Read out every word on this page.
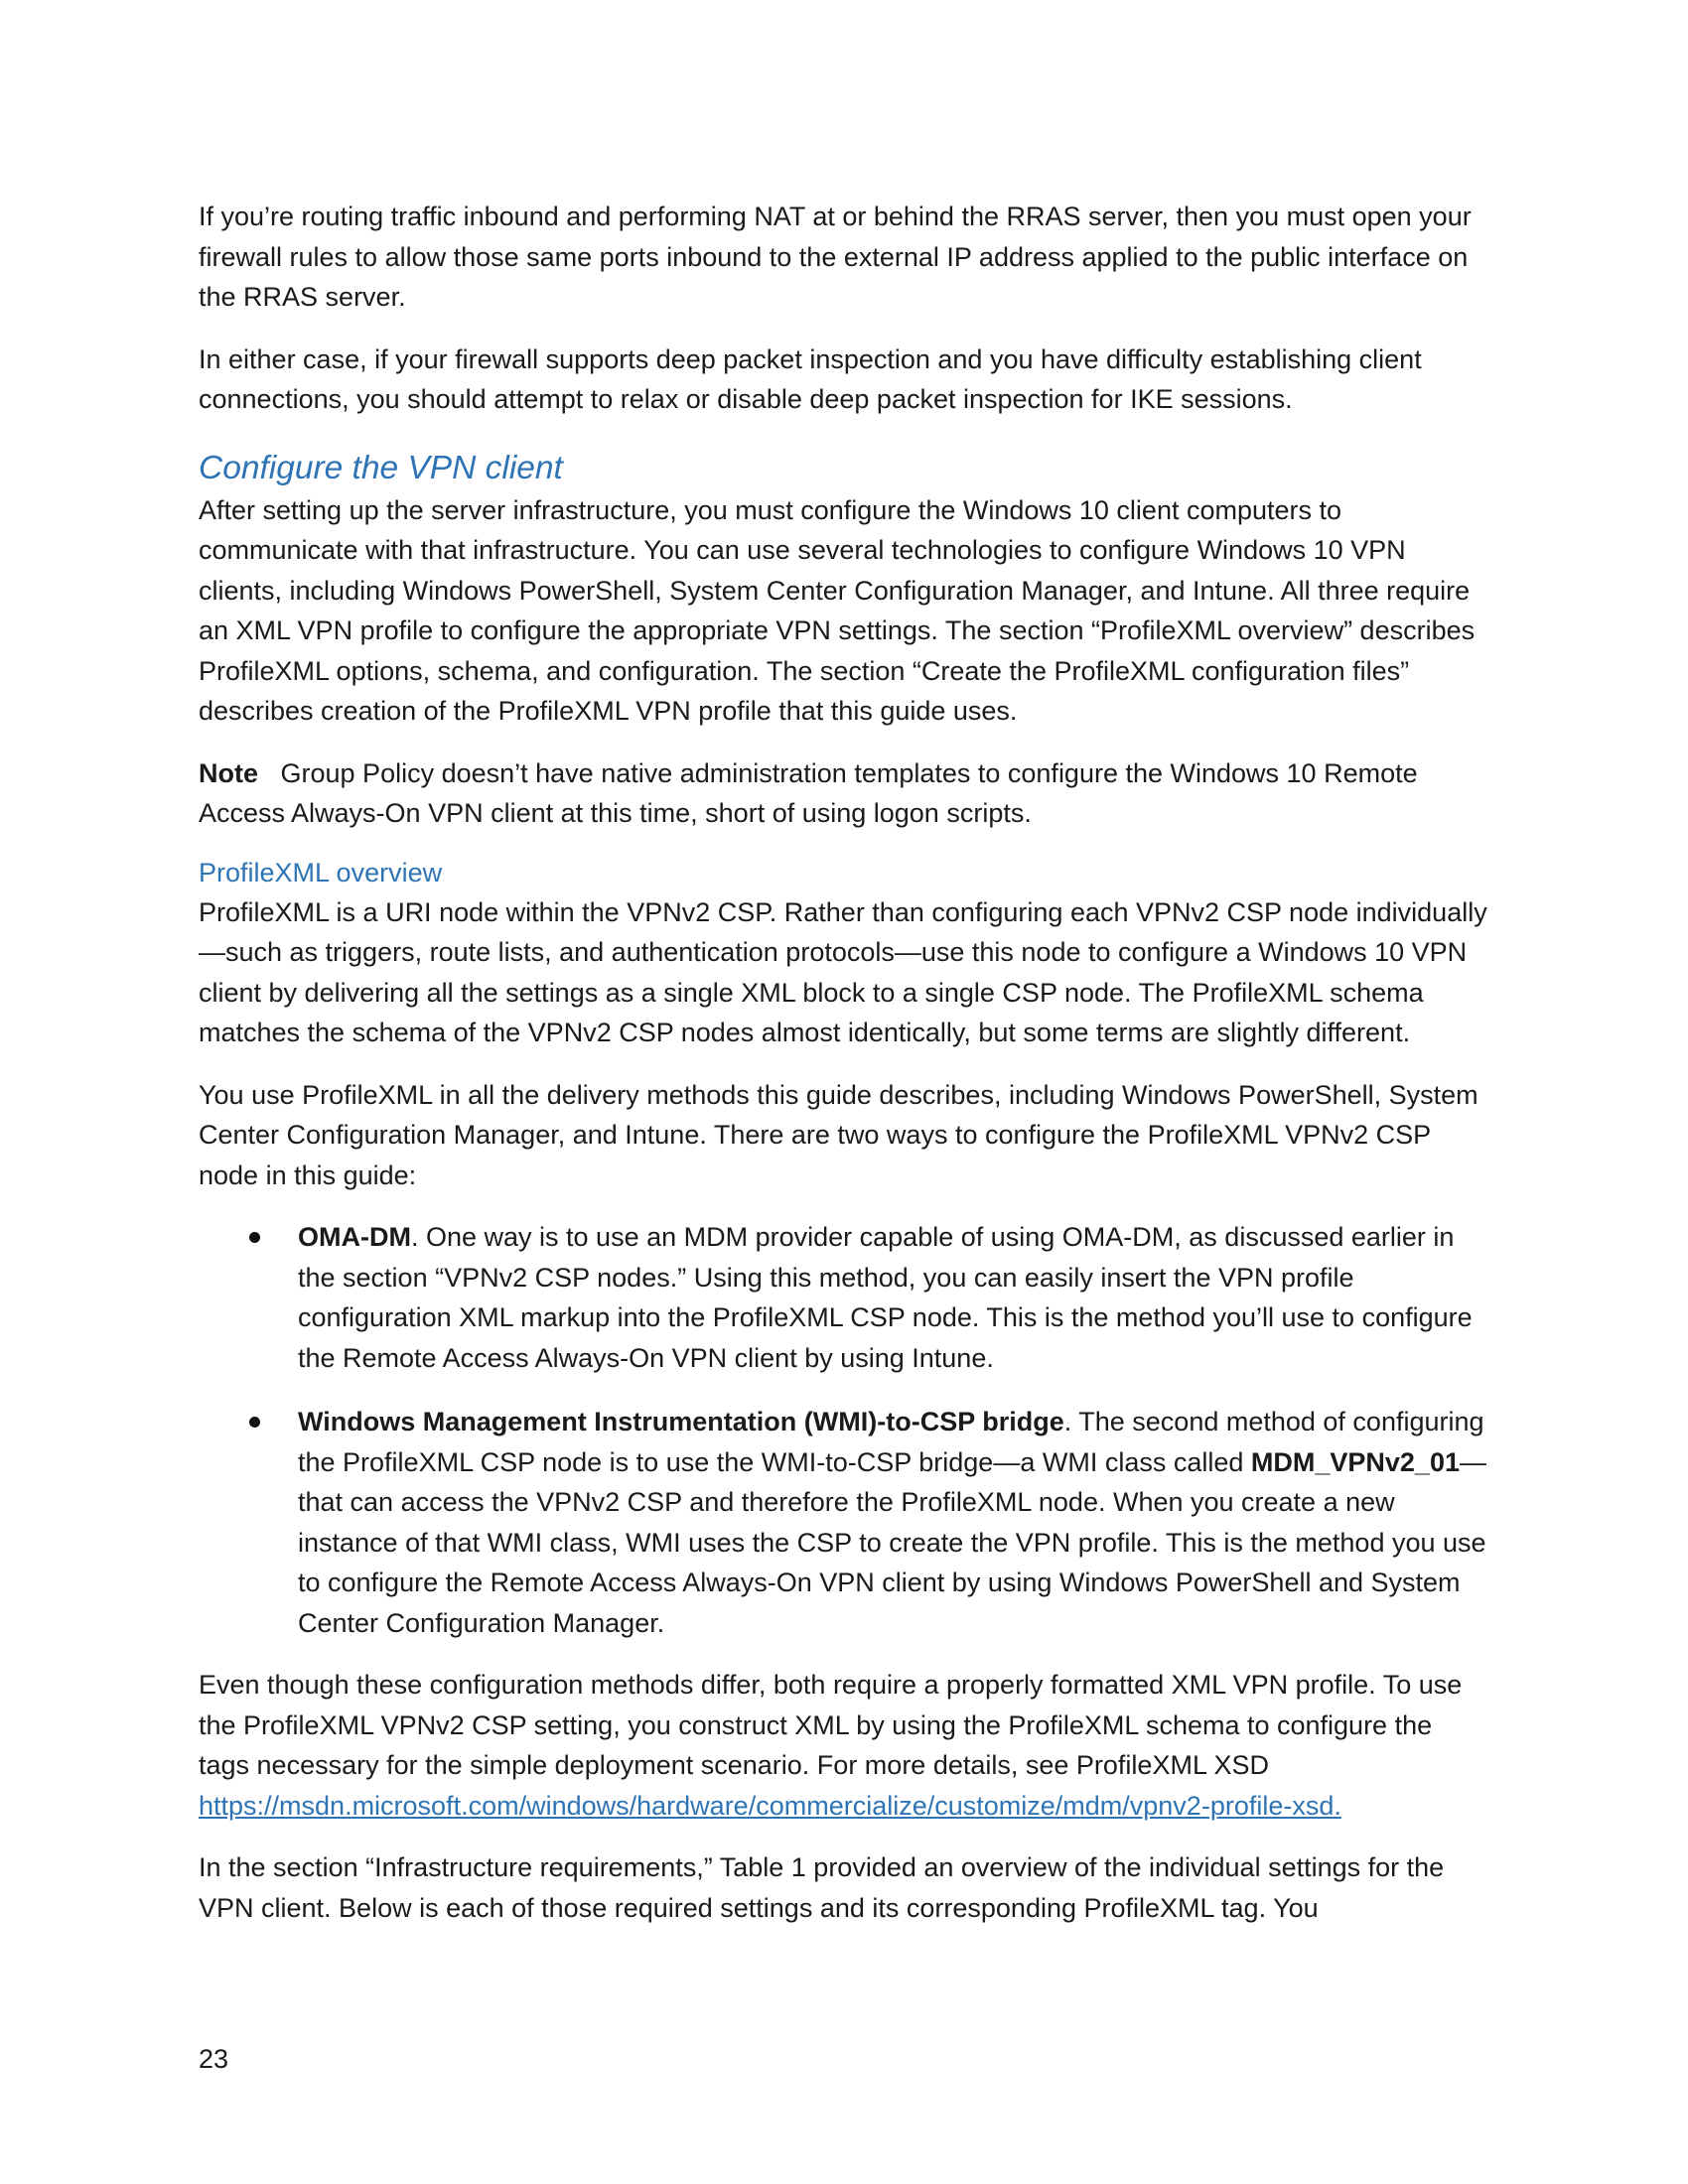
If you’re routing traffic inbound and performing NAT at or behind the RRAS server, then you must open your firewall rules to allow those same ports inbound to the external IP address applied to the public interface on the RRAS server.

In either case, if your firewall supports deep packet inspection and you have difficulty establishing client connections, you should attempt to relax or disable deep packet inspection for IKE sessions.

Configure the VPN client

After setting up the server infrastructure, you must configure the Windows 10 client computers to communicate with that infrastructure. You can use several technologies to configure Windows 10 VPN clients, including Windows PowerShell, System Center Configuration Manager, and Intune. All three require an XML VPN profile to configure the appropriate VPN settings. The section “ProfileXML overview” describes ProfileXML options, schema, and configuration. The section “Create the ProfileXML configuration files” describes creation of the ProfileXML VPN profile that this guide uses.

Note Group Policy doesn’t have native administration templates to configure the Windows 10 Remote Access Always-On VPN client at this time, short of using logon scripts.

ProfileXML overview

ProfileXML is a URI node within the VPNv2 CSP. Rather than configuring each VPNv2 CSP node individually—such as triggers, route lists, and authentication protocols—use this node to configure a Windows 10 VPN client by delivering all the settings as a single XML block to a single CSP node. The ProfileXML schema matches the schema of the VPNv2 CSP nodes almost identically, but some terms are slightly different.

You use ProfileXML in all the delivery methods this guide describes, including Windows PowerShell, System Center Configuration Manager, and Intune. There are two ways to configure the ProfileXML VPNv2 CSP node in this guide:

OMA-DM. One way is to use an MDM provider capable of using OMA-DM, as discussed earlier in the section “VPNv2 CSP nodes.” Using this method, you can easily insert the VPN profile configuration XML markup into the ProfileXML CSP node. This is the method you’ll use to configure the Remote Access Always-On VPN client by using Intune.
Windows Management Instrumentation (WMI)-to-CSP bridge. The second method of configuring the ProfileXML CSP node is to use the WMI-to-CSP bridge—a WMI class called MDM_VPNv2_01—that can access the VPNv2 CSP and therefore the ProfileXML node. When you create a new instance of that WMI class, WMI uses the CSP to create the VPN profile. This is the method you use to configure the Remote Access Always-On VPN client by using Windows PowerShell and System Center Configuration Manager.

Even though these configuration methods differ, both require a properly formatted XML VPN profile. To use the ProfileXML VPNv2 CSP setting, you construct XML by using the ProfileXML schema to configure the tags necessary for the simple deployment scenario. For more details, see ProfileXML XSD https://msdn.microsoft.com/windows/hardware/commercialize/customize/mdm/vpnv2-profile-xsd.

In the section “Infrastructure requirements,” Table 1 provided an overview of the individual settings for the VPN client. Below is each of those required settings and its corresponding ProfileXML tag. You

23
